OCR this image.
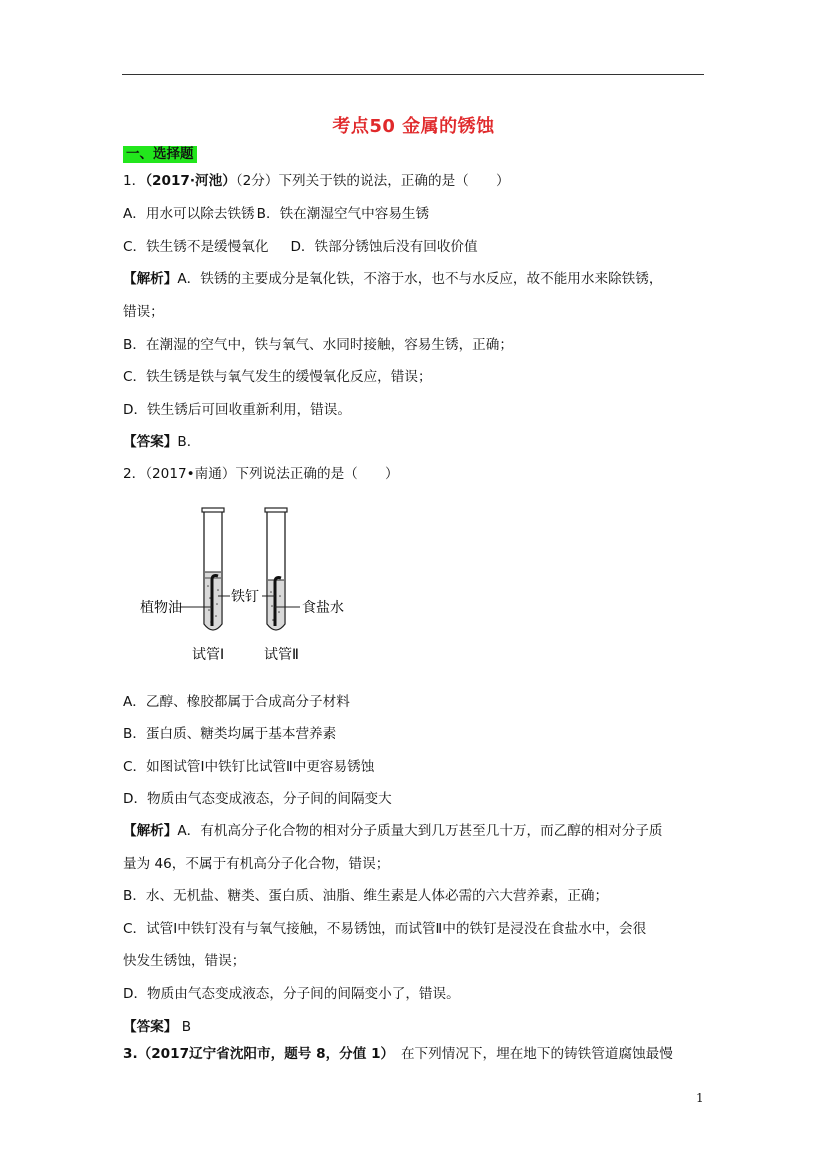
考点50 金属的锈蚀
一、选择题
1．（2017·河池）（2分）下列关于铁的说法，正确的是（　　）
A．用水可以除去铁锈 B．铁在潮湿空气中容易生锈
C．铁生锈不是缓慢氧化 D．铁部分锈蚀后没有回收价值
【解析】A．铁锈的主要成分是氧化铁，不溶于水，也不与水反应，故不能用水来除铁锈，
错误；
B．在潮湿的空气中，铁与氧气、水同时接触，容易生锈，正确；
C．铁生锈是铁与氧气发生的缓慢氧化反应，错误；
D．铁生锈后可回收重新利用，错误。
【答案】B．
2．（2017•南通）下列说法正确的是（　　）
植物油
铁钉
食盐水
试管Ⅰ	试管Ⅱ
A．乙醇、橡胶都属于合成高分子材料
B．蛋白质、糖类均属于基本营养素
C．如图试管Ⅰ中铁钉比试管Ⅱ中更容易锈蚀
D．物质由气态变成液态，分子间的间隔变大
【解析】A．有机高分子化合物的相对分子质量大到几万甚至几十万，而乙醇的相对分子质
量为 46，不属于有机高分子化合物，错误；
B．水、无机盐、糖类、蛋白质、油脂、维生素是人体必需的六大营养素，正确；
C．试管Ⅰ中铁钉没有与氧气接触，不易锈蚀，而试管Ⅱ中的铁钉是浸没在食盐水中，会很
快发生锈蚀，错误；
D．物质由气态变成液态，分子间的间隔变小了，错误。
【答案】 B
3.（2017辽宁省沈阳市，题号 8，分值 1）　在下列情况下，埋在地下的铸铁管道腐蚀最慢
1
